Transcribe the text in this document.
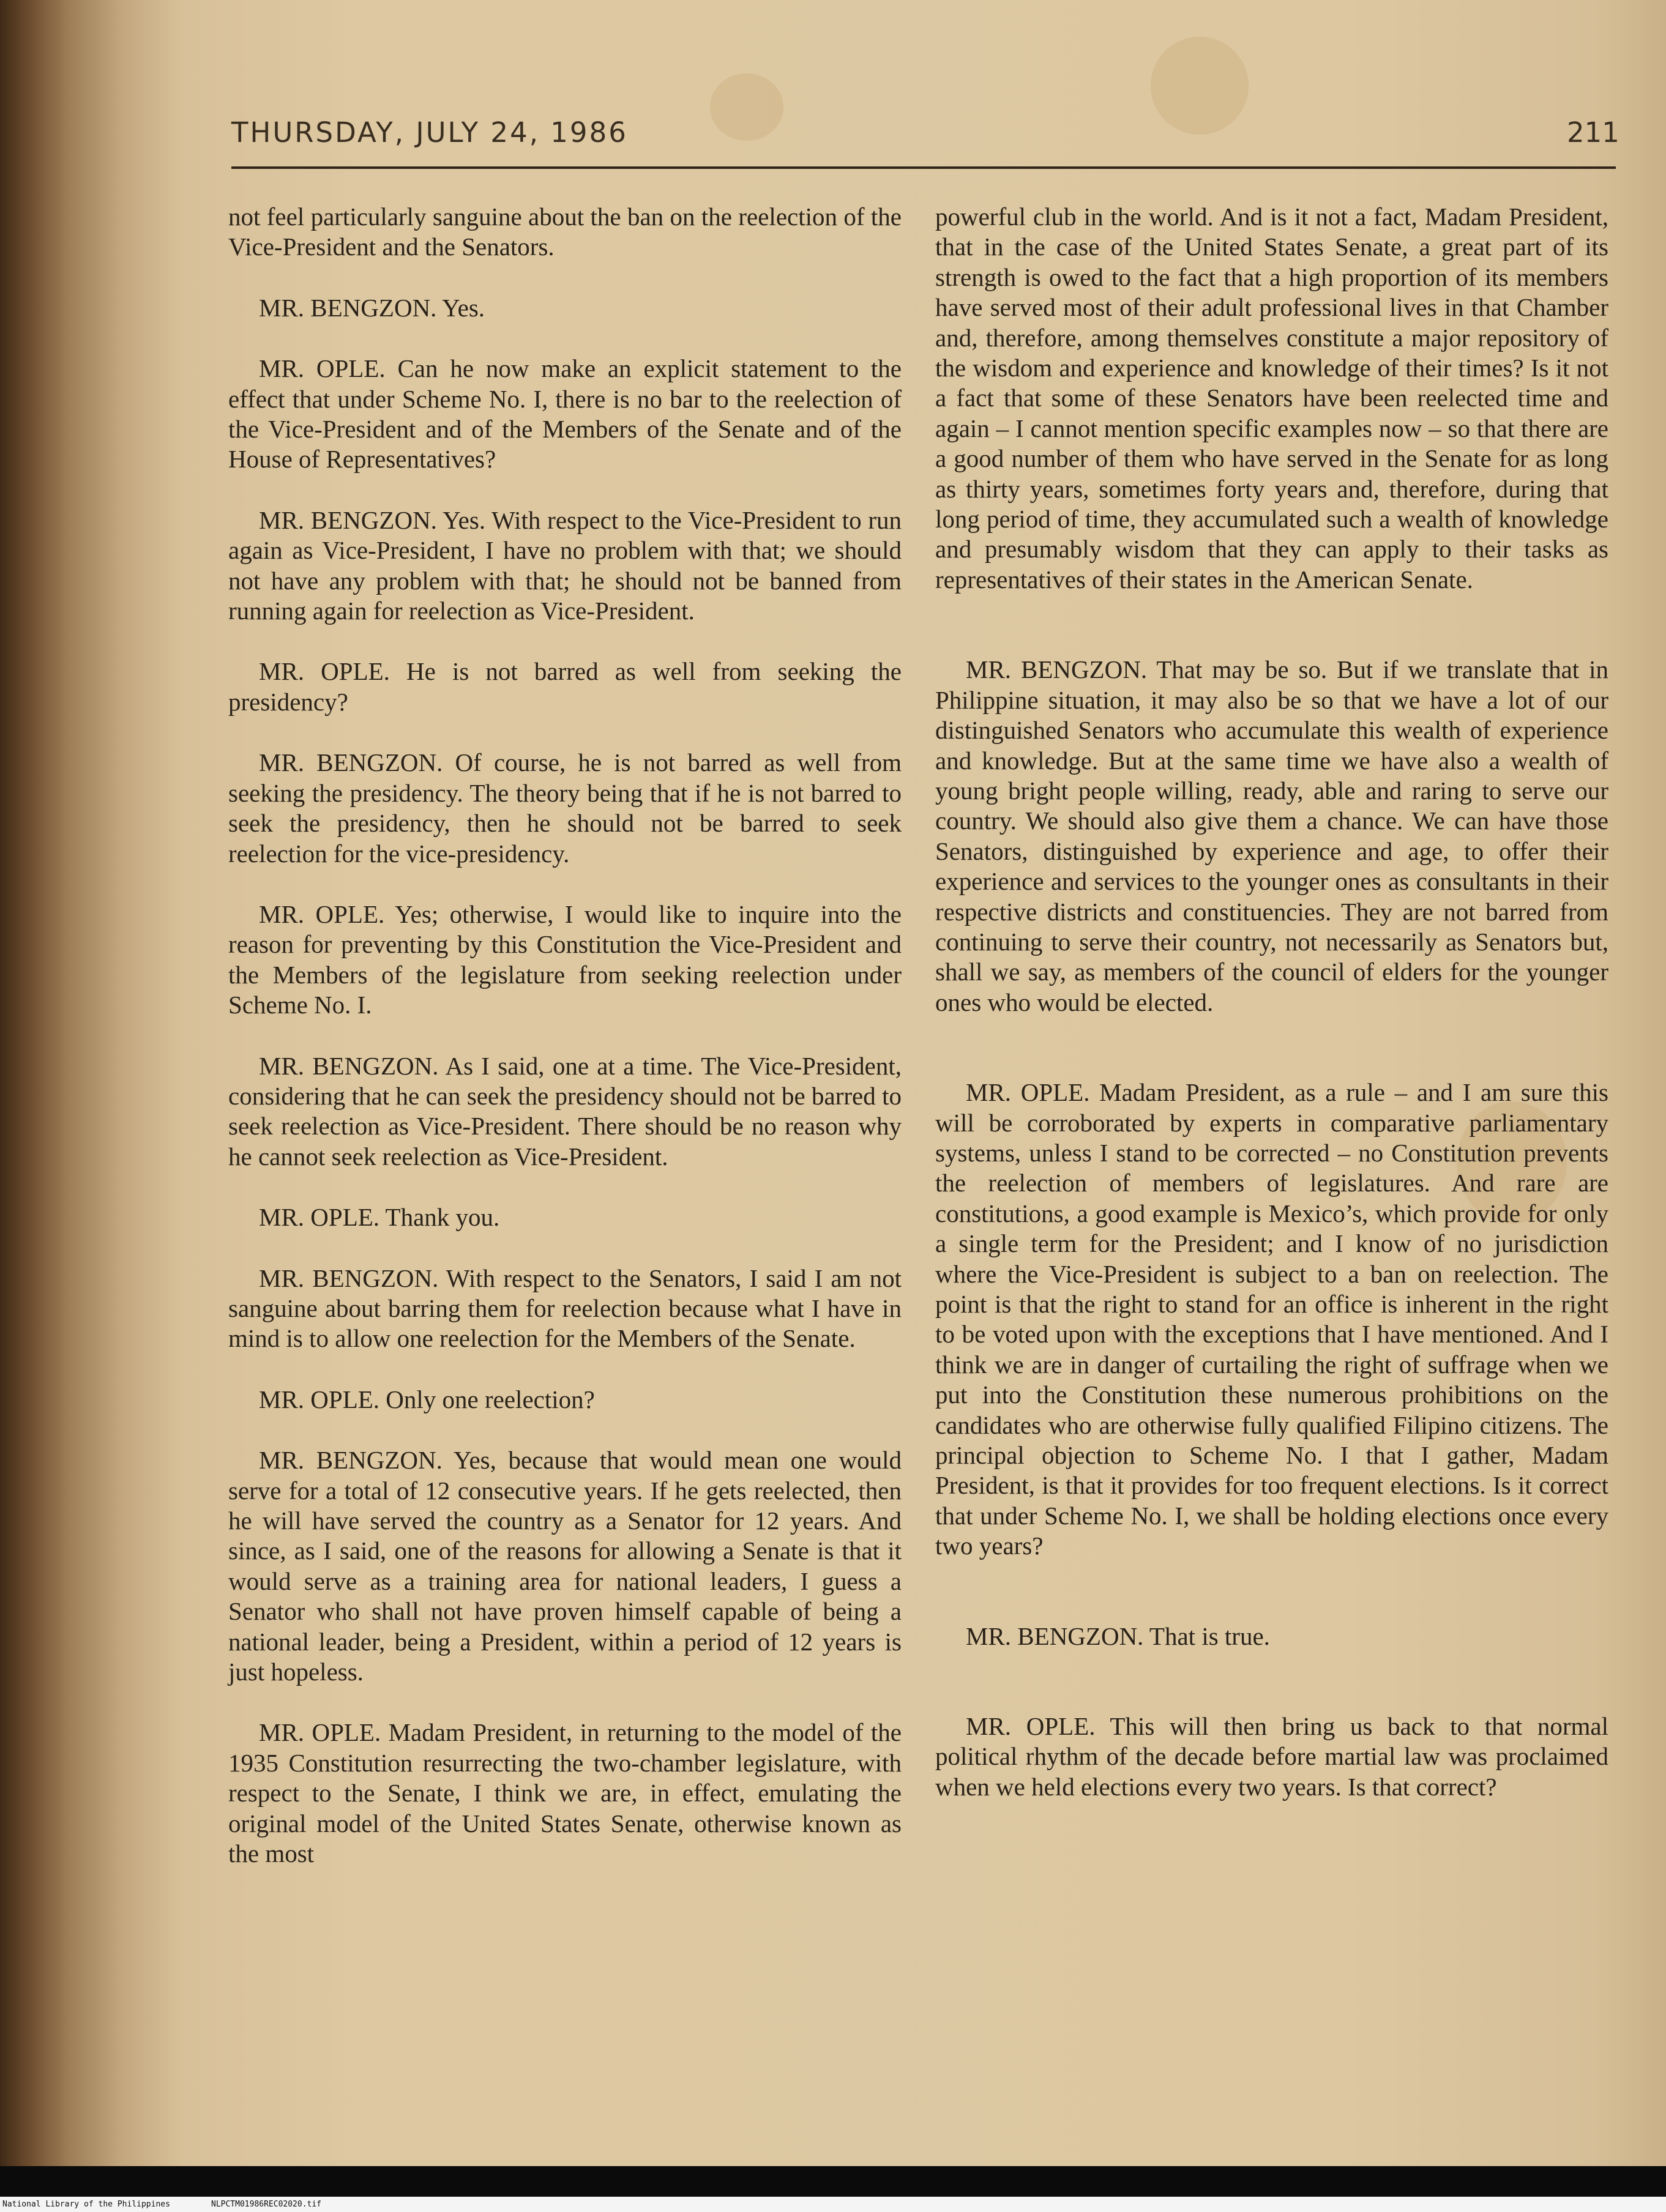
THURSDAY, JULY 24, 1986	211

not feel particularly sanguine about the ban on the reelection of the Vice-President and the Senators.

MR. BENGZON. Yes.

MR. OPLE. Can he now make an explicit statement to the effect that under Scheme No. I, there is no bar to the reelection of the Vice-President and of the Members of the Senate and of the House of Representatives?

MR. BENGZON. Yes. With respect to the Vice-President to run again as Vice-President, I have no problem with that; we should not have any problem with that; he should not be banned from running again for reelection as Vice-President.

MR. OPLE. He is not barred as well from seeking the presidency?

MR. BENGZON. Of course, he is not barred as well from seeking the presidency. The theory being that if he is not barred to seek the presidency, then he should not be barred to seek reelection for the vice-presidency.

MR. OPLE. Yes; otherwise, I would like to inquire into the reason for preventing by this Constitution the Vice-President and the Members of the legislature from seeking reelection under Scheme No. I.

MR. BENGZON. As I said, one at a time. The Vice-President, considering that he can seek the presidency should not be barred to seek reelection as Vice-President. There should be no reason why he cannot seek reelection as Vice-President.

MR. OPLE. Thank you.

MR. BENGZON. With respect to the Senators, I said I am not sanguine about barring them for reelection because what I have in mind is to allow one reelection for the Members of the Senate.

MR. OPLE. Only one reelection?

MR. BENGZON. Yes, because that would mean one would serve for a total of 12 consecutive years. If he gets reelected, then he will have served the country as a Senator for 12 years. And since, as I said, one of the reasons for allowing a Senate is that it would serve as a training area for national leaders, I guess a Senator who shall not have proven himself capable of being a national leader, being a President, within a period of 12 years is just hopeless.

MR. OPLE. Madam President, in returning to the model of the 1935 Constitution resurrecting the two-chamber legislature, with respect to the Senate, I think we are, in effect, emulating the original model of the United States Senate, otherwise known as the most

powerful club in the world. And is it not a fact, Madam President, that in the case of the United States Senate, a great part of its strength is owed to the fact that a high proportion of its members have served most of their adult professional lives in that Chamber and, therefore, among themselves constitute a major repository of the wisdom and experience and knowledge of their times? Is it not a fact that some of these Senators have been reelected time and again – I cannot mention specific examples now – so that there are a good number of them who have served in the Senate for as long as thirty years, sometimes forty years and, therefore, during that long period of time, they accumulated such a wealth of knowledge and presumably wisdom that they can apply to their tasks as representatives of their states in the American Senate.

MR. BENGZON. That may be so. But if we translate that in Philippine situation, it may also be so that we have a lot of our distinguished Senators who accumulate this wealth of experience and knowledge. But at the same time we have also a wealth of young bright people willing, ready, able and raring to serve our country. We should also give them a chance. We can have those Senators, distinguished by experience and age, to offer their experience and services to the younger ones as consultants in their respective districts and constituencies. They are not barred from continuing to serve their country, not necessarily as Senators but, shall we say, as members of the council of elders for the younger ones who would be elected.

MR. OPLE. Madam President, as a rule – and I am sure this will be corroborated by experts in comparative parliamentary systems, unless I stand to be corrected – no Constitution prevents the reelection of members of legislatures. And rare are constitutions, a good example is Mexico’s, which provide for only a single term for the President; and I know of no jurisdiction where the Vice-President is subject to a ban on reelection. The point is that the right to stand for an office is inherent in the right to be voted upon with the exceptions that I have mentioned. And I think we are in danger of curtailing the right of suffrage when we put into the Constitution these numerous prohibitions on the candidates who are otherwise fully qualified Filipino citizens. The principal objection to Scheme No. I that I gather, Madam President, is that it provides for too frequent elections. Is it correct that under Scheme No. I, we shall be holding elections once every two years?

MR. BENGZON. That is true.

MR. OPLE. This will then bring us back to that normal political rhythm of the decade before martial law was proclaimed when we held elections every two years. Is that correct?

National Library of the Philippines	NLPCTM01986REC02020.tif
